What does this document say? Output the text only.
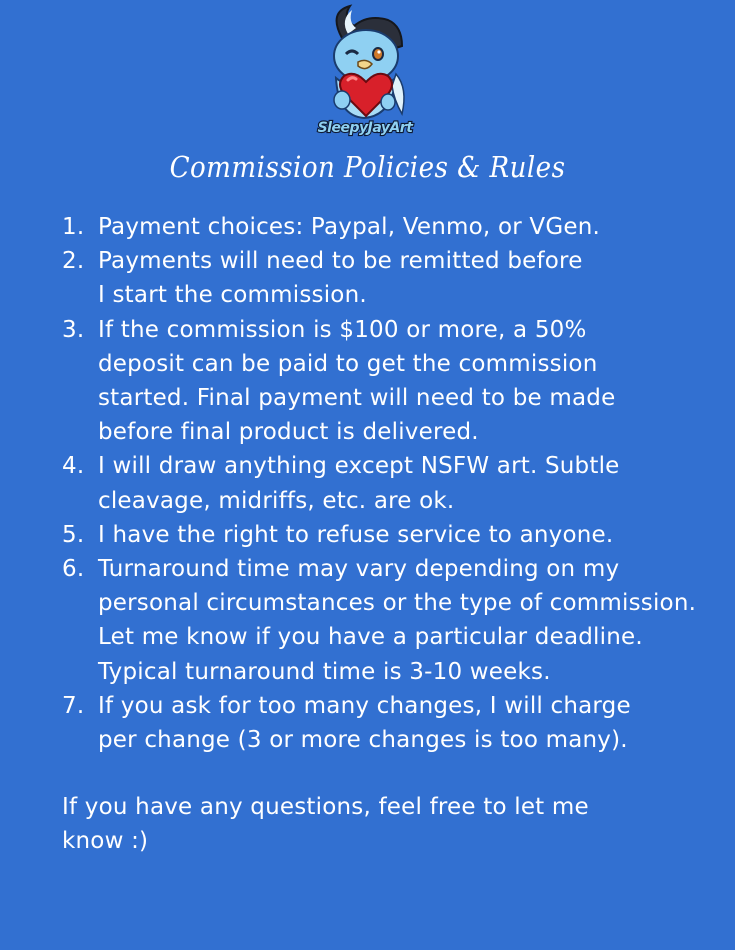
SleepyJayArt
Commission Policies & Rules
1. Payment choices: Paypal, Venmo, or VGen.
2. Payments will need to be remitted before
I start the commission.
3. If the commission is $100 or more, a 50%
deposit can be paid to get the commission
started. Final payment will need to be made
before final product is delivered.
4. I will draw anything except NSFW art. Subtle
cleavage, midriffs, etc. are ok.
5. I have the right to refuse service to anyone.
6. Turnaround time may vary depending on my
personal circumstances or the type of commission.
Let me know if you have a particular deadline.
Typical turnaround time is 3-10 weeks.
7. If you ask for too many changes, I will charge
per change (3 or more changes is too many).

If you have any questions, feel free to let me
know :)
